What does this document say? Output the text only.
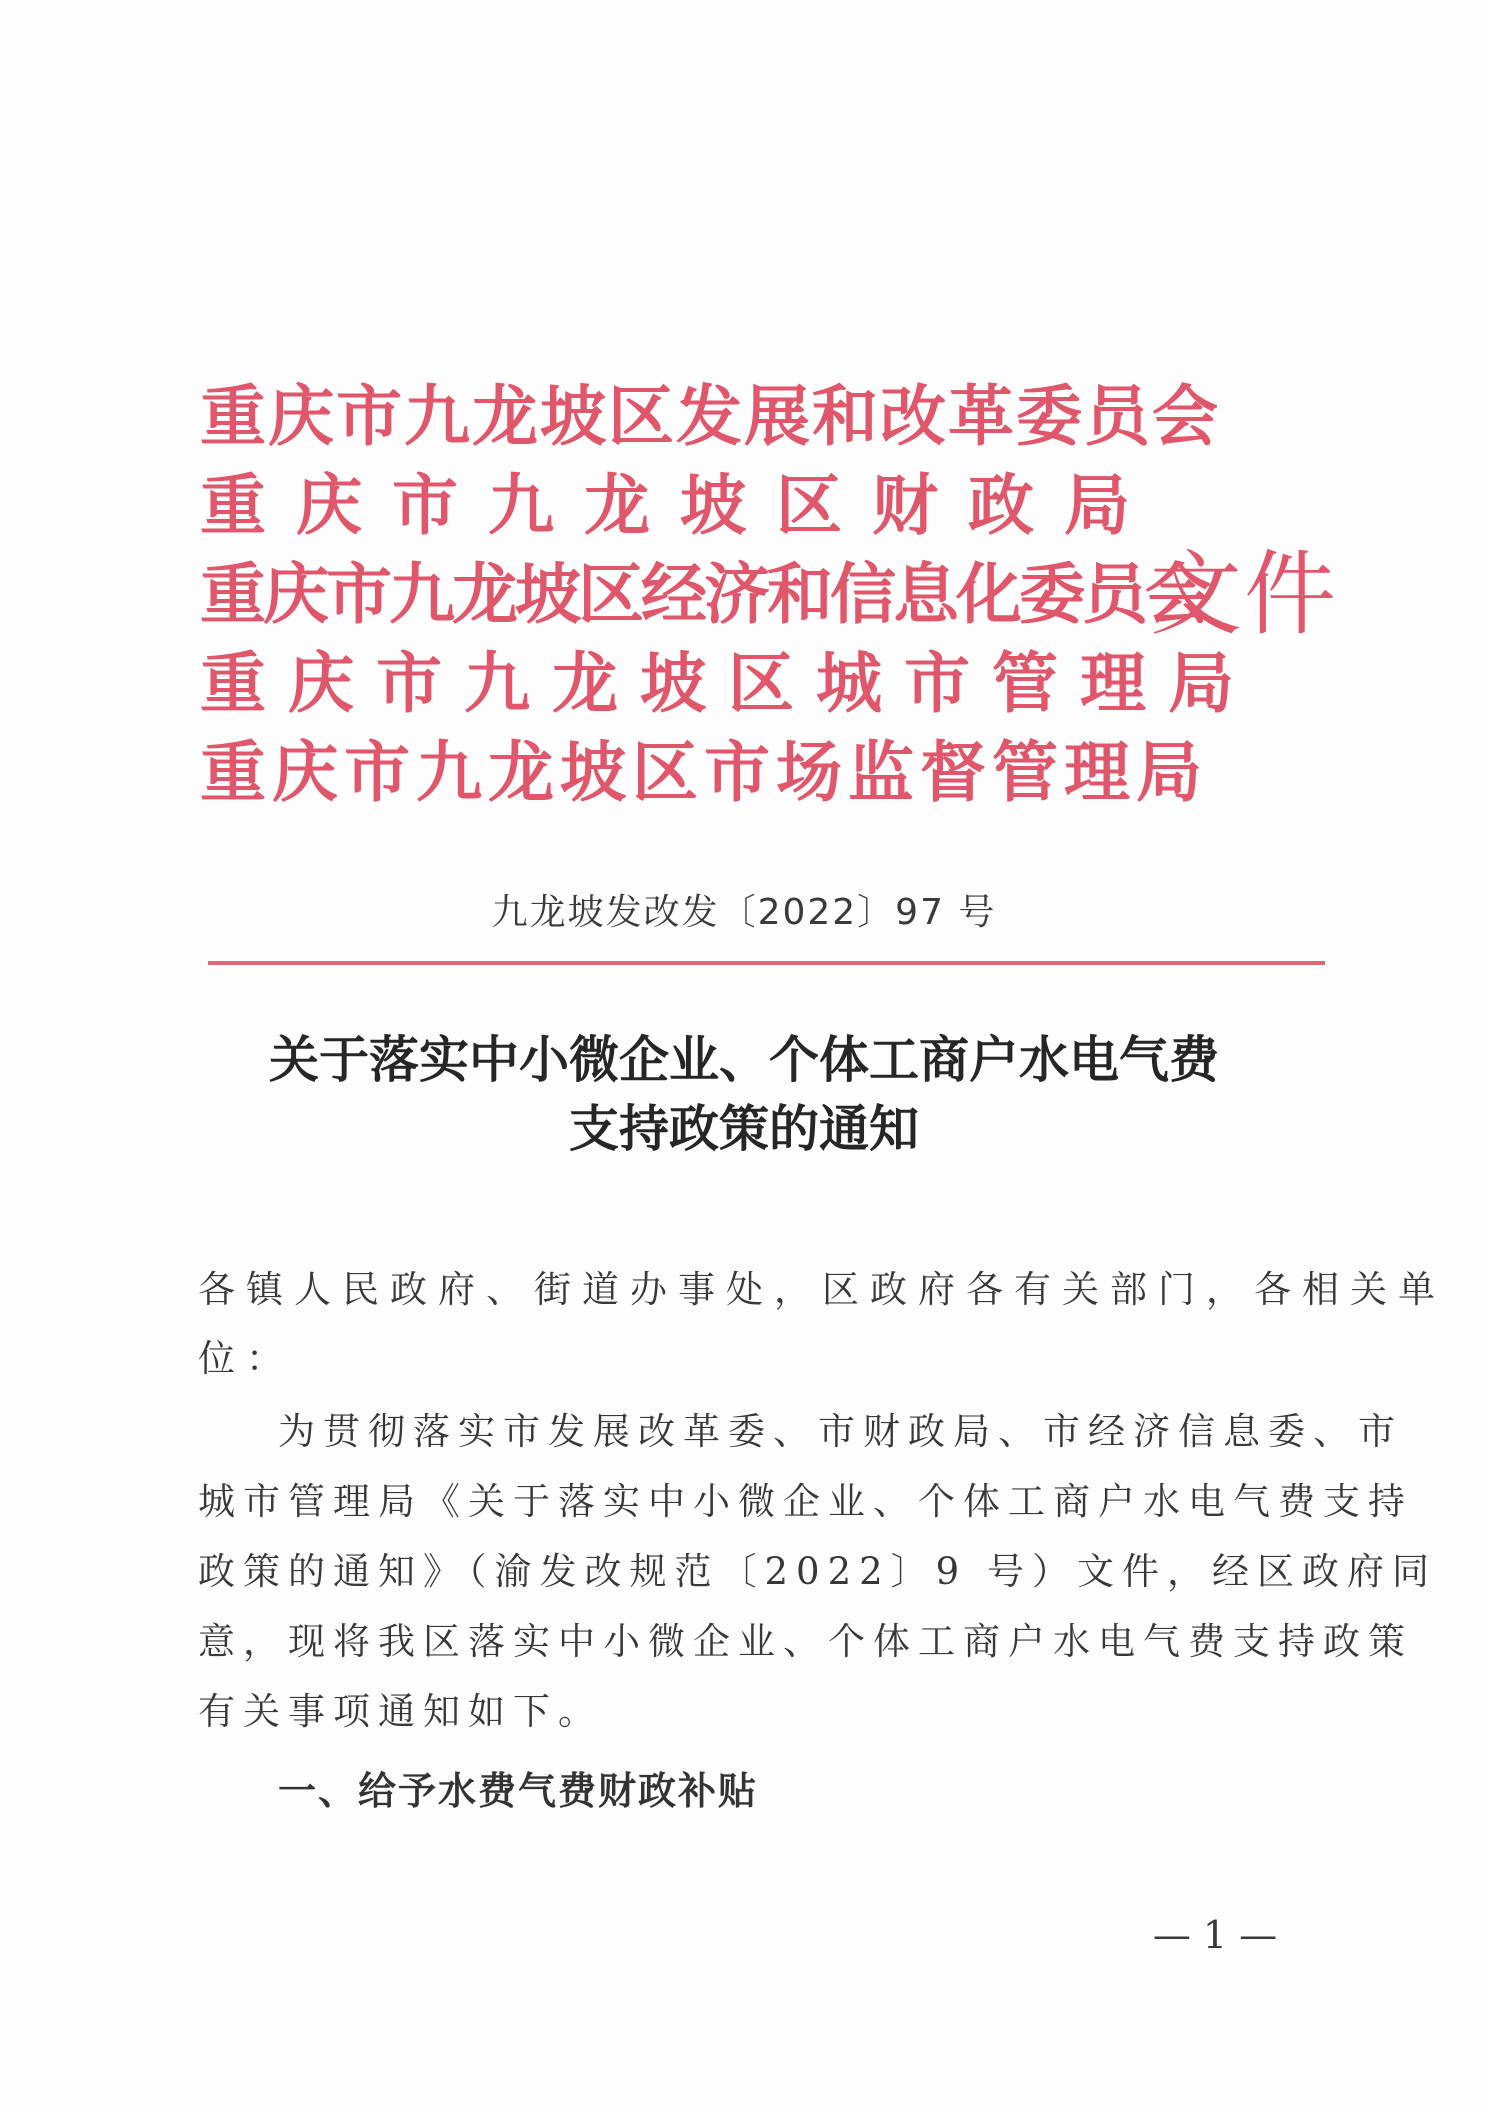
重庆市九龙坡区发展和改革委员会
重庆市九龙坡区财政局
重庆市九龙坡区经济和信息化委员会
重庆市九龙坡区城市管理局
重庆市九龙坡区市场监督管理局
文件
九龙坡发改发〔2022〕97 号
关于落实中小微企业、个体工商户水电气费
支持政策的通知
各镇人民政府、街道办事处，区政府各有关部门，各相关单
位：
为贯彻落实市发展改革委、市财政局、市经济信息委、市
城市管理局《关于落实中小微企业、个体工商户水电气费支持
政策的通知》（渝发改规范〔2022〕9 号）文件，经区政府同
意，现将我区落实中小微企业、个体工商户水电气费支持政策
有关事项通知如下。
一、给予水费气费财政补贴
— 1 —
